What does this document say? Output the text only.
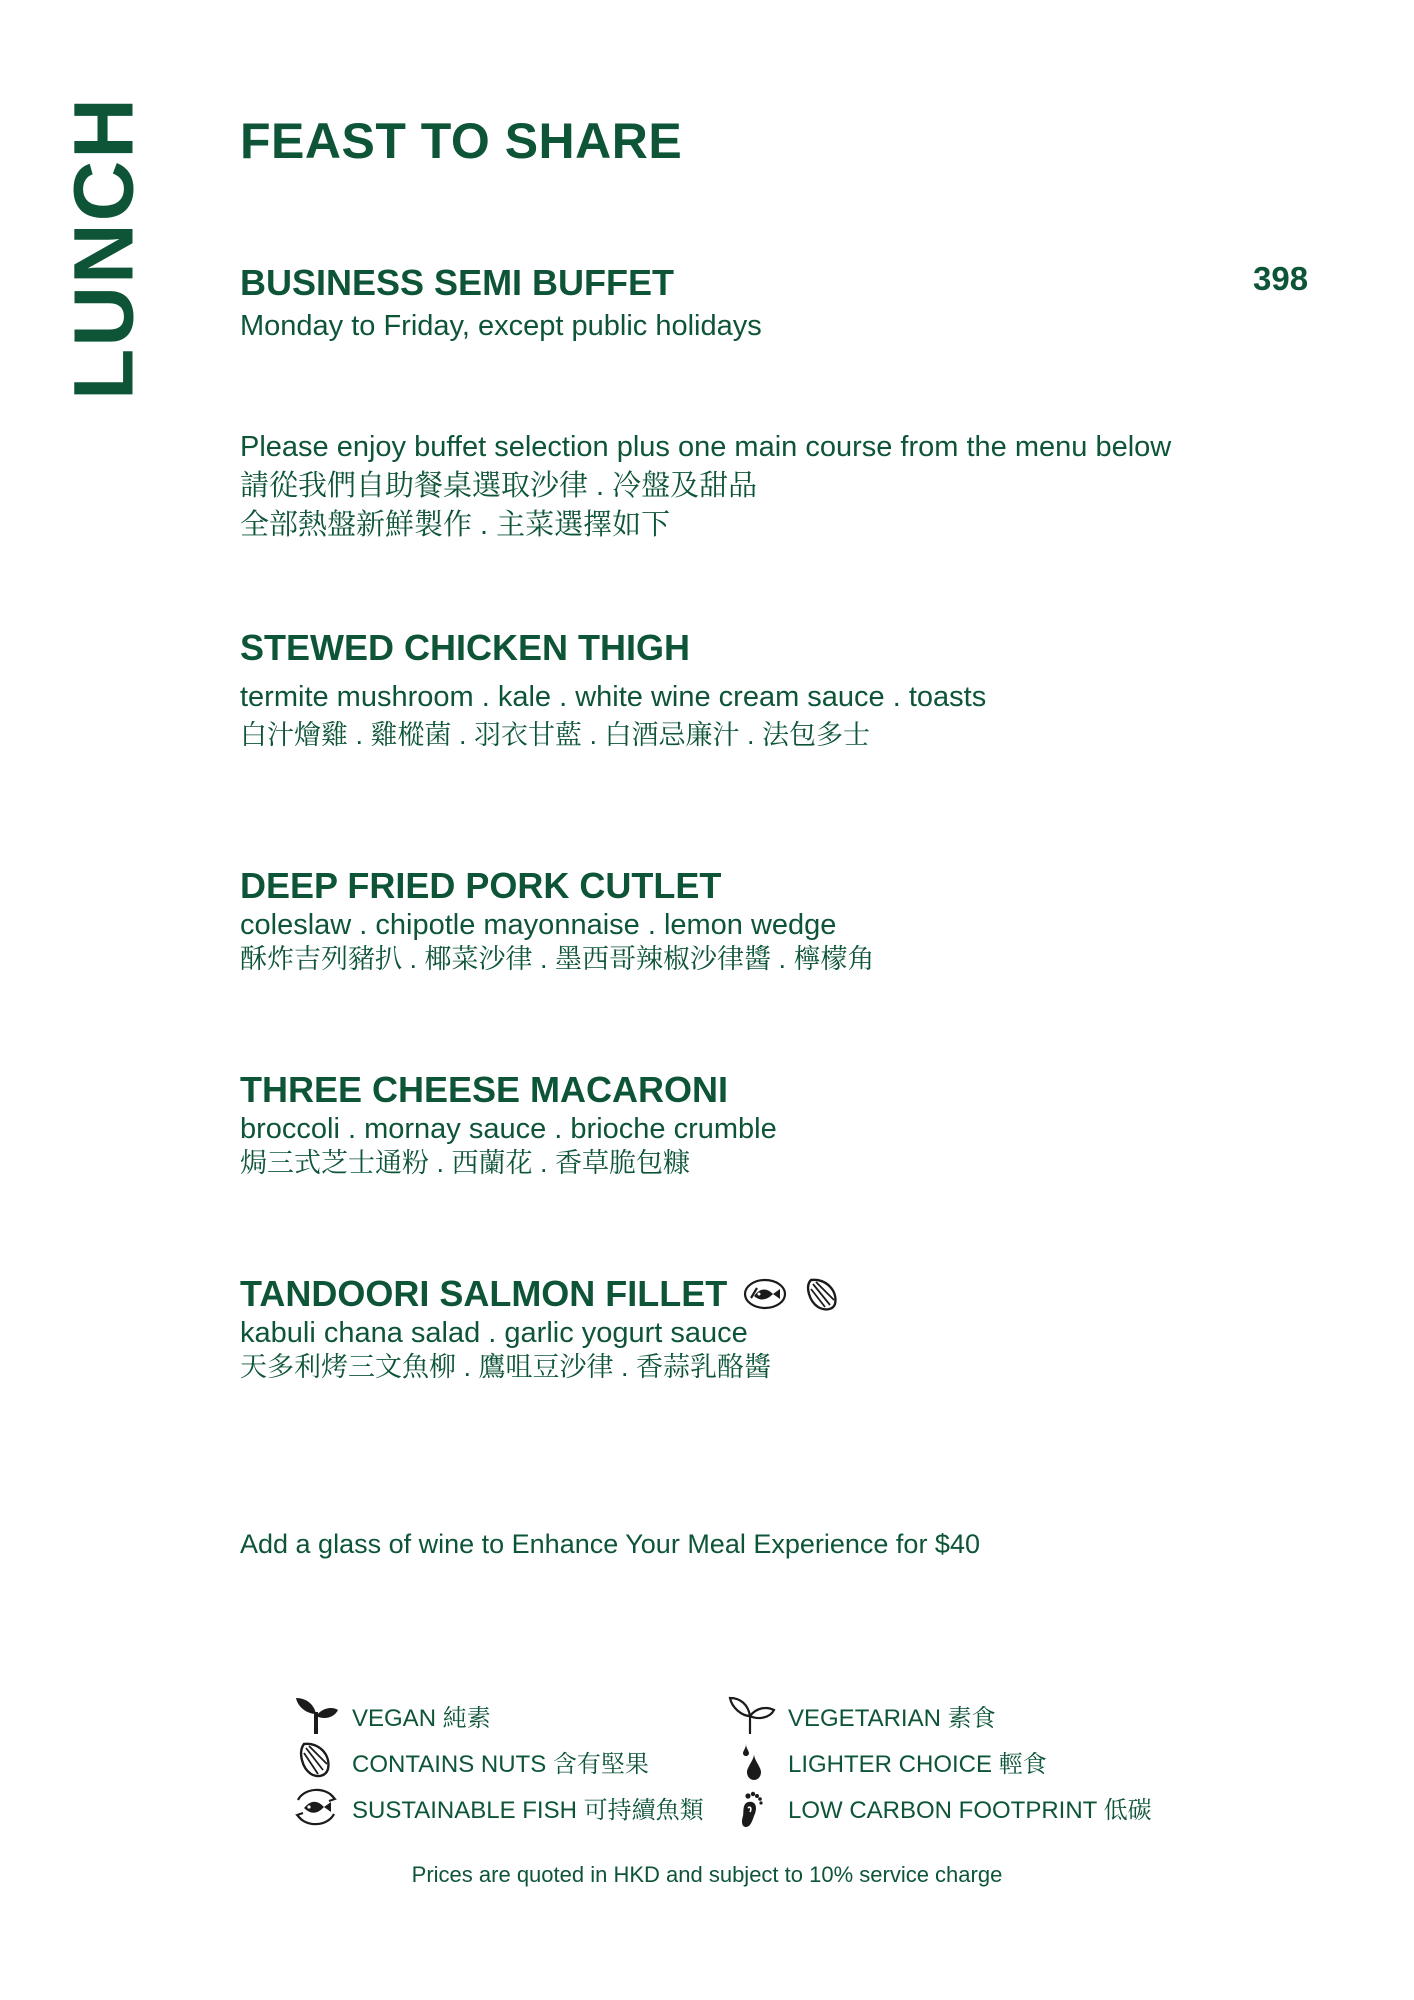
LUNCH FEAST TO SHARE
BUSINESS SEMI BUFFET	398
Monday to Friday, except public holidays
Please enjoy buffet selection plus one main course from the menu below
請從我們自助餐桌選取沙律 . 冷盤及甜品
全部熱盤新鮮製作 . 主菜選擇如下
STEWED CHICKEN THIGH
termite mushroom . kale . white wine cream sauce . toasts
白汁燴雞 . 雞樅菌 . 羽衣甘藍 . 白酒忌廉汁 . 法包多士
DEEP FRIED PORK CUTLET
coleslaw . chipotle mayonnaise . lemon wedge
酥炸吉列豬扒 . 椰菜沙律 . 墨西哥辣椒沙律醬 . 檸檬角
THREE CHEESE MACARONI
broccoli . mornay sauce . brioche crumble
焗三式芝士通粉 . 西蘭花 . 香草脆包糠
TANDOORI SALMON FILLET
kabuli chana salad . garlic yogurt sauce
天多利烤三文魚柳 . 鷹咀豆沙律 . 香蒜乳酪醬
Add a glass of wine to Enhance Your Meal Experience for $40
VEGAN 純素
CONTAINS NUTS 含有堅果
SUSTAINABLE FISH 可持續魚類
VEGETARIAN 素食
LIGHTER CHOICE 輕食
LOW CARBON FOOTPRINT 低碳
Prices are quoted in HKD and subject to 10% service charge
